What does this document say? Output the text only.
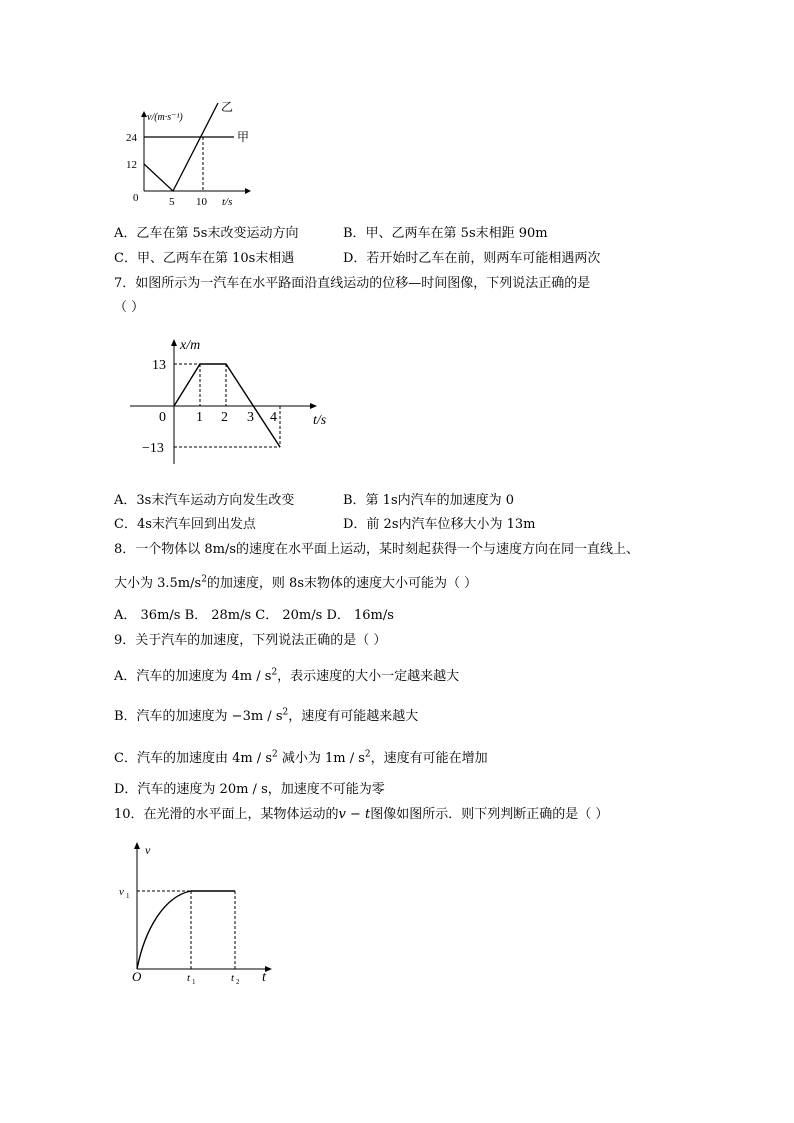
v/(m·s⁻¹)
24
12
0	5 10 t/s
甲
乙
A．乙车在第 5s末改变运动方向	B．甲、乙两车在第 5s末相距 90m
C．甲、乙两车在第 10s末相遇	D．若开始时乙车在前，则两车可能相遇两次
7．如图所示为一汽车在水平路面沿直线运动的位移—时间图像，下列说法正确的是
（ ）
x/m
13
−13
0 1 2 3 4	t/s
A．3s末汽车运动方向发生改变	B．第 1s内汽车的加速度为 0
C．4s末汽车回到出发点	D．前 2s内汽车位移大小为 13m
8．一个物体以 8m/s的速度在水平面上运动，某时刻起获得一个与速度方向在同一直线上、
大小为 $3.5m/s^2$的加速度，则 8s末物体的速度大小可能为（ ）
A． 36m/s B． 28m/s C． 20m/s D． 16m/s
9．关于汽车的加速度，下列说法正确的是（ ）
A．汽车的加速度为 $4m / s^2$，表示速度的大小一定越来越大
B．汽车的加速度为 $-3m / s^2$，速度有可能越来越大
C．汽车的加速度由 $4m / s^2$ 减小为 $1m / s^2$，速度有可能在增加
D．汽车的速度为 20m / s，加速度不可能为零
10．在光滑的水平面上，某物体运动的v − t图像如图所示．则下列判断正确的是（ ）
v
v 1
O	t 1	t 2 t
